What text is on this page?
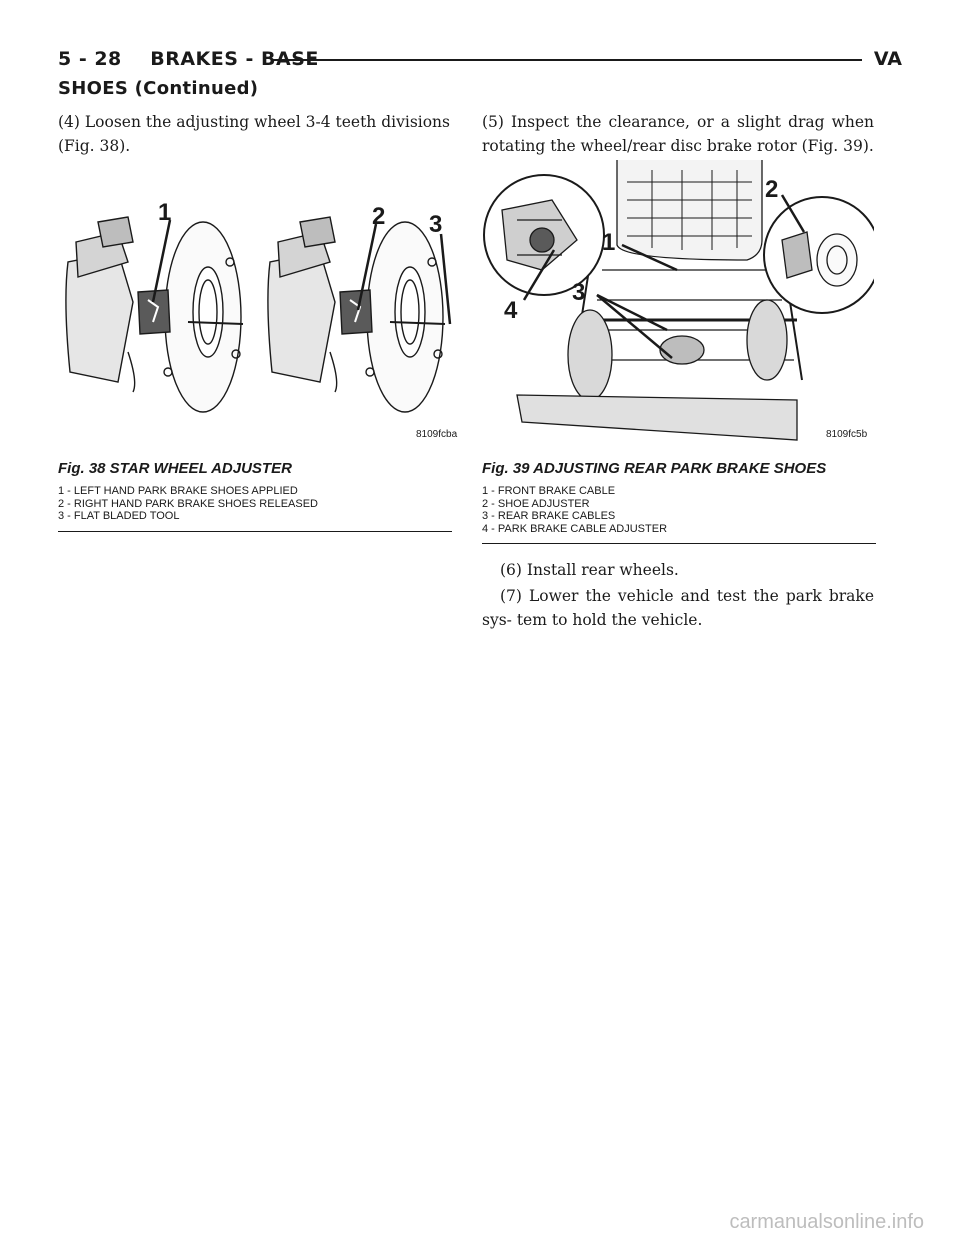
5 - 28    BRAKES - BASE	VA
SHOES (Continued)
(4) Loosen the adjusting wheel 3-4 teeth divisions (Fig. 38).
1	2 3
8109fcba
Fig. 38 STAR WHEEL ADJUSTER
1 - LEFT HAND PARK BRAKE SHOES APPLIED
2 - RIGHT HAND PARK BRAKE SHOES RELEASED
3 - FLAT BLADED TOOL
(5) Inspect the clearance, or a slight drag when rotating the wheel/rear disc brake rotor (Fig. 39).
1
2
3
4
8109fc5b
Fig. 39 ADJUSTING REAR PARK BRAKE SHOES
1 - FRONT BRAKE CABLE
2 - SHOE ADJUSTER
3 - REAR BRAKE CABLES
4 - PARK BRAKE CABLE ADJUSTER
(6) Install rear wheels.
(7) Lower the vehicle and test the park brake sys- tem to hold the vehicle.
carmanualsonline.info
